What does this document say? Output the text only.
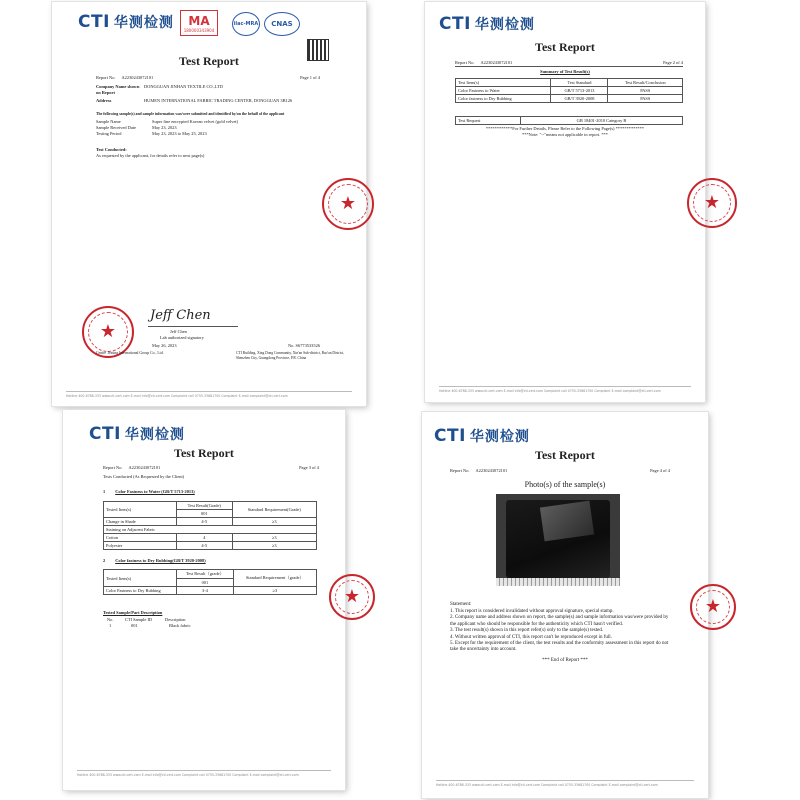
CTI 华测检测 MA
180000343904
ilac-MRA CNAS
Test Report
Report No. A2230243072101	Page 1 of 4
Company Name shown on Report
DONGGUAN JINHAN TEXTILE CO.,LTD
Address	HUMEN INTERNATIONAL FABRIC TRADING CENTER, DONGGUAN 3B126
The following sample(s) and sample information was/were submitted and identified by/on the behalf of the applicant
Sample Name	Super fine encrypted Korean velvet (gold velvet)
Sample Received Date	May 23, 2023
Testing Period	May 23, 2023 to May 25, 2023
Test Conducted:
As requested by the applicant, for details refer to next page(s)
★
★
Jeff Chen
Jeff Chen
Lab authorized signatory
May 26, 2023	No. S6773533526
Centre Testing International Group Co., Ltd.	CTI Building, Xing Dong Community, Xin'an Sub-district, Bao'an District, Shenzhen City, Guangdong Province, P.R. China
Hotline 400-6788-333 www.cti-cert.com E-mail info@cti-cert.com Complaint call 0755-33681700 Complaint E-mail complaint@cti-cert.com
CTI 华测检测
Test Report
Report No. A2230243072101	Page 2 of 4
Summary of Test Result(s)
Test Item(s)	Test Standard	Test Result/Conclusion
Color Fastness to Water	GB/T 5713-2013	PASS
Color fastness to Dry Rubbing	GB/T 3920-2008	PASS
Test Request	GB 18401-2010 Category B
************For Further Details, Please Refer to the Following Page(s) *************
***Note: "--"means not applicable in report. ***
★
Hotline 400-6788-333 www.cti-cert.com E-mail info@cti-cert.com Complaint call 0755-33681700 Complaint E-mail complaint@cti-cert.com
CTI 华测检测
Test Report
Report No. A2230243072101	Page 3 of 4
Tests Conducted (As Requested by the Client)
1 Color Fastness to Water (GB/T 5713-2013)
Tested Item(s)	Test Result(Grade)	Standard Requirement(Grade)
	001	
Change in Shade	4-5	≥3
Staining on Adjacent Fabric		
Cotton	4	≥3
Polyester	4-5	≥3
2 Color fastness to Dry Rubbing(GB/T 3920-2008)
Tested Item(s)	Test Result（grade）	Standard Requirement（grade）
	001	
Color Fastness to Dry Rubbing	3-4	≥3
Tested Sample/Part Description
No.	CTI Sample ID	Description
1	001	Black fabric
★
Hotline 400-6788-333 www.cti-cert.com E-mail info@cti-cert.com Complaint call 0755-33681700 Complaint E-mail complaint@cti-cert.com
CTI 华测检测
Test Report
Report No. A2230243072101	Page 4 of 4
Photo(s) of the sample(s)
Statement:
1. This report is considered invalidated without approval signature, special stamp.
2. Company name and address shown on report, the sample(s) and sample information was/were provided by the applicant who should be responsible for the authenticity which CTI hasn't verified.
3. The test result(s) shown in this report refer(s) only to the sample(s) tested.
4. Without written approval of CTI, this report can't be reproduced except in full.
5. Except for the requirement of the client, the test results and the conformity assessment in this report do not take the uncertainty into account.
*** End of Report ***
★
Hotline 400-6788-333 www.cti-cert.com E-mail info@cti-cert.com Complaint call 0755-33681700 Complaint E-mail complaint@cti-cert.com
